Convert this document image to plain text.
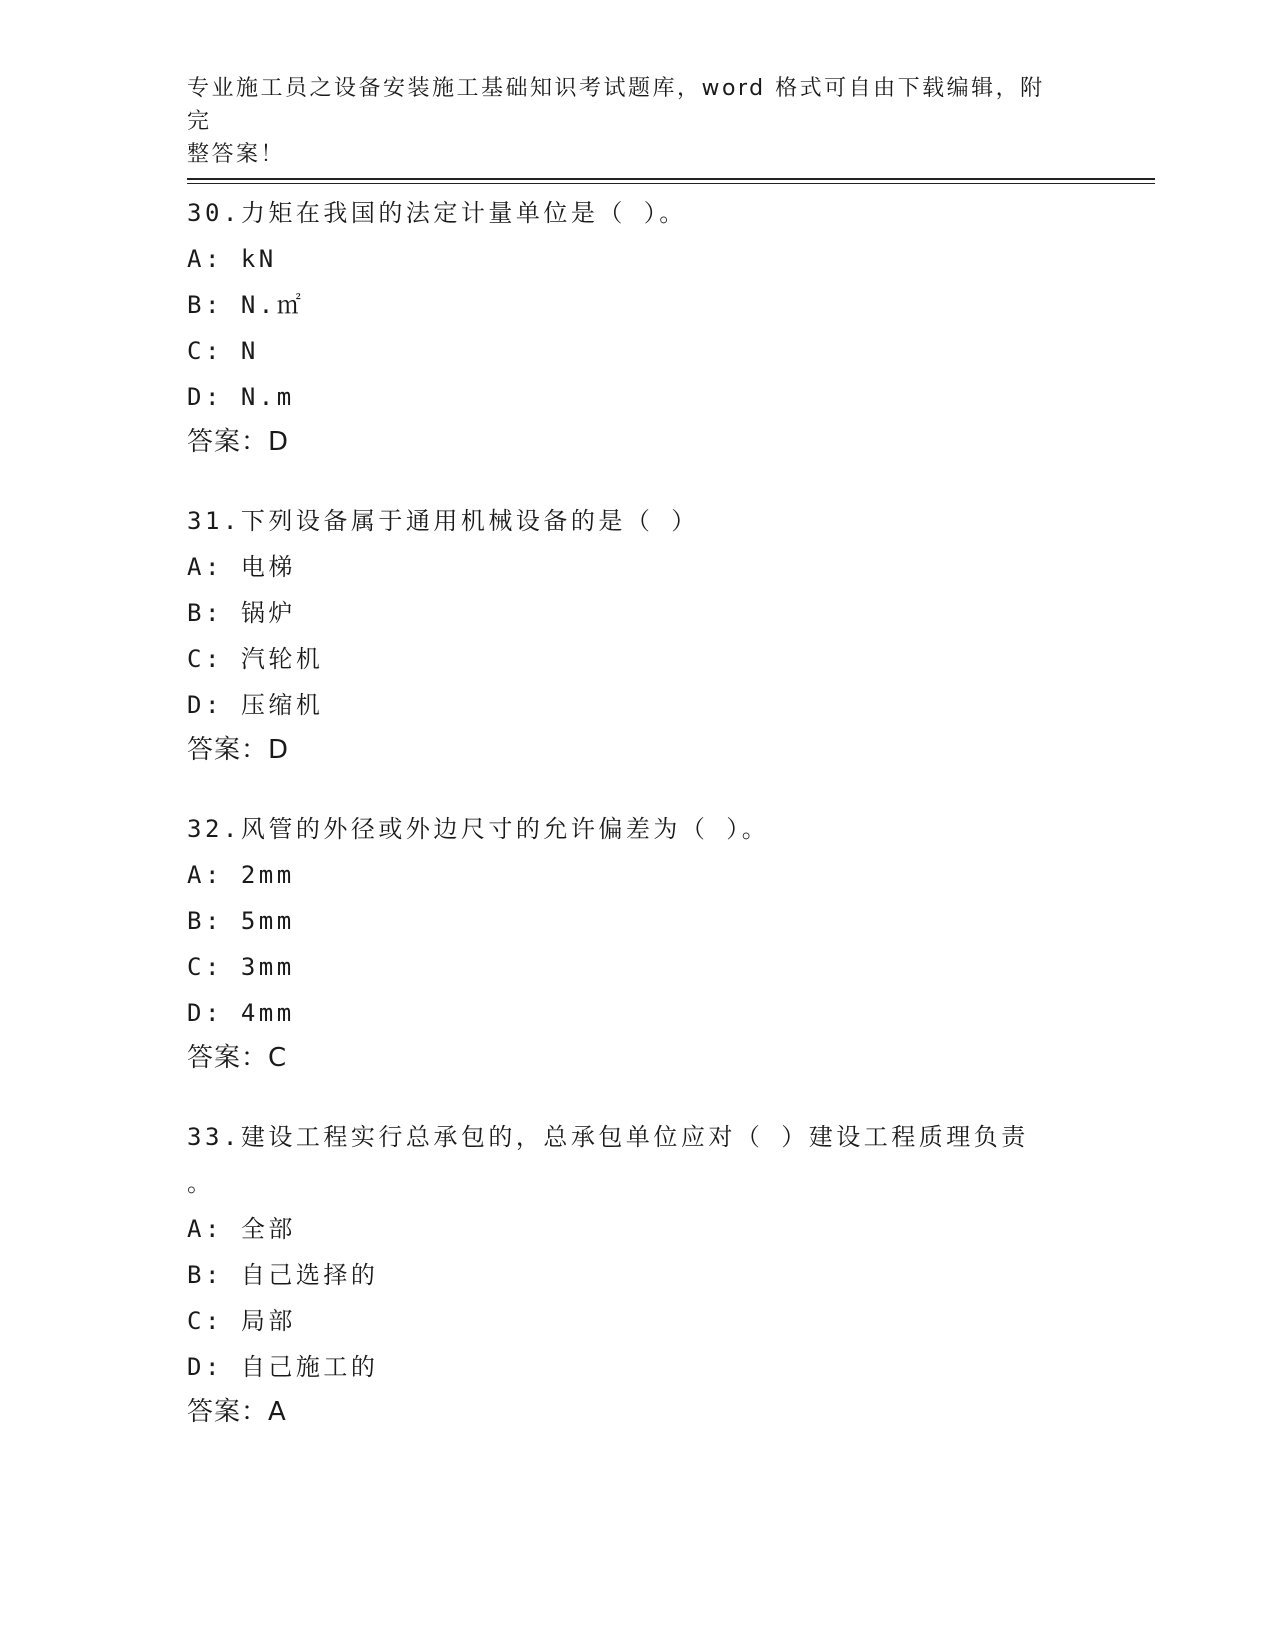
专业施工员之设备安装施工基础知识考试题库，word 格式可自由下载编辑，附完
整答案！
30.力矩在我国的法定计量单位是（ ）。
A: kN
B: N.㎡
C: N
D: N.m
答案：D
31.下列设备属于通用机械设备的是（ ）
A: 电梯
B: 锅炉
C: 汽轮机
D: 压缩机
答案：D
32.风管的外径或外边尺寸的允许偏差为（ ）。
A: 2mm
B: 5mm
C: 3mm
D: 4mm
答案：C
33.建设工程实行总承包的，总承包单位应对（ ）建设工程质理负责
。
A: 全部
B: 自己选择的
C: 局部
D: 自己施工的
答案：A
